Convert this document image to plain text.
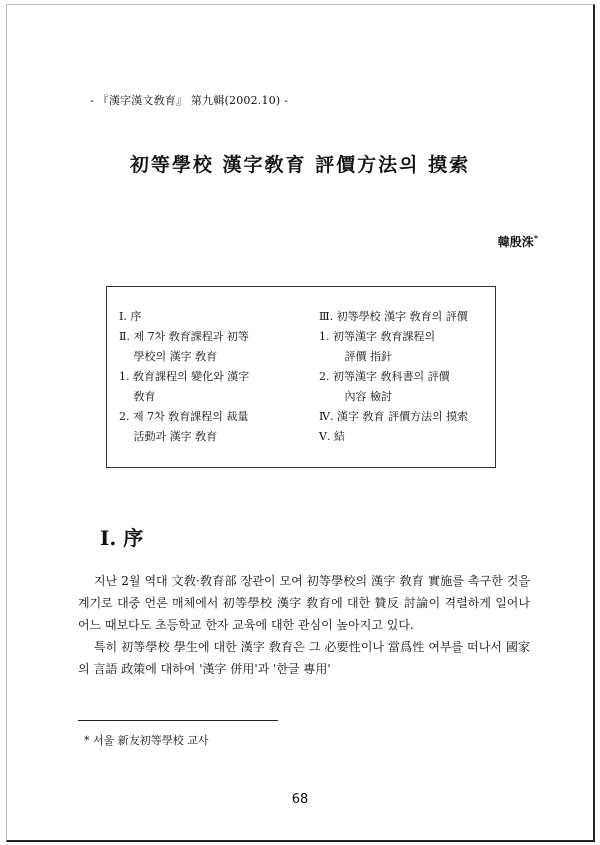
- 『漢字漢文敎育』 第九輯(2002.10) -
初等學校 漢字敎育 評價方法의 摸索
韓殷洙*
Ⅰ. 序
Ⅱ. 제 7차 敎育課程과 初等
　 學校의 漢字 敎育
1. 敎育課程의 變化와 漢字
　 敎育
2. 제 7차 敎育課程의 裁量
　 活動과 漢字 敎育
Ⅲ. 初等學校 漢字 敎育의 評價
1. 初等漢字 敎育課程의
　　 評價 指針
2. 初等漢字 敎科書의 評價
　　 內容 檢討
Ⅳ. 漢字 敎育 評價方法의 摸索
Ⅴ. 結
Ⅰ. 序

지난 2월 역대 文敎·敎育部 장관이 모여 初等學校의 漢字 敎育 實施를 촉구한 것을 계기로 대중 언론 매체에서 初等學校 漢字 敎育에 대한 贊反 討論이 격렬하게 일어나 어느 때보다도 초등학교 한자 교육에 대한 관심이 높아지고 있다.

특히 初等學校 學生에 대한 漢字 敎育은 그 必要性이나 當爲性 여부를 떠나서 國家의 言語 政策에 대하여 '漢字 併用'과 '한글 專用'

* 서울 新友初等學校 교사
68
